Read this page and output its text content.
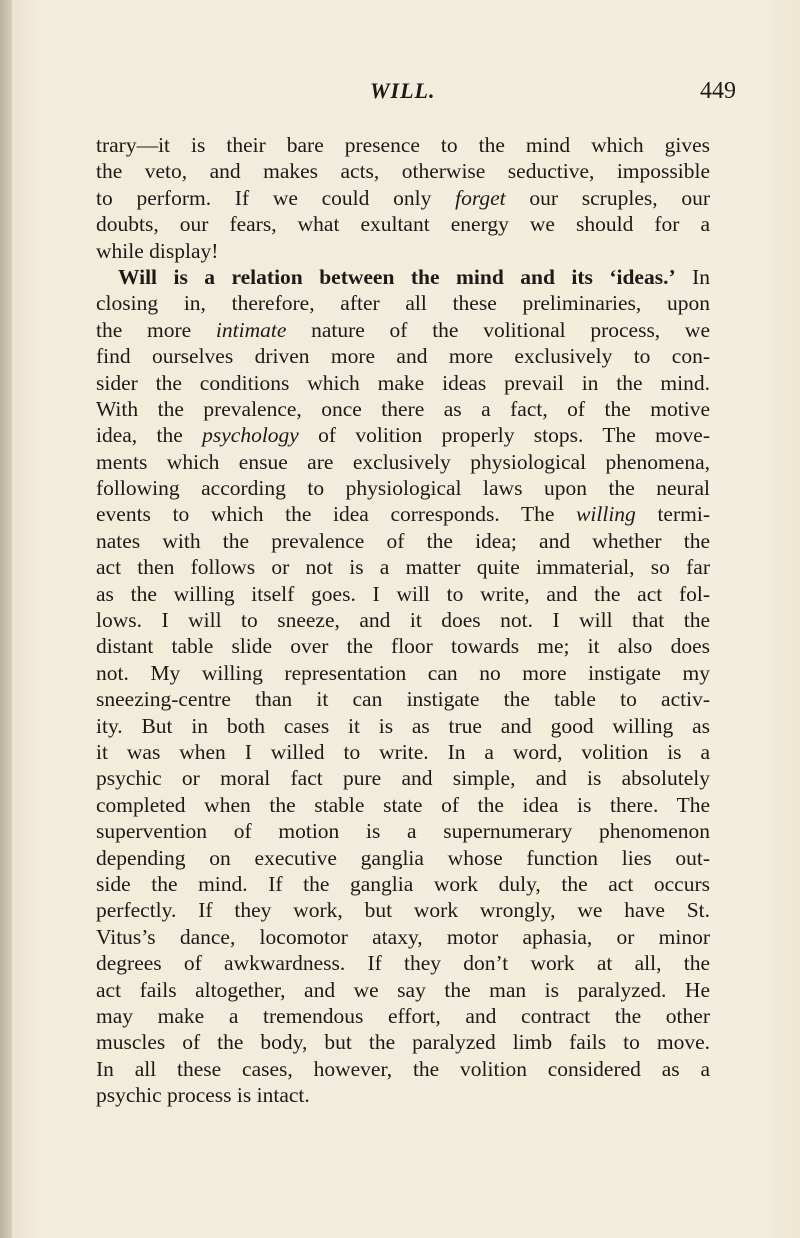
WILL.	449
trary—it is their bare presence to the mind which gives
the veto, and makes acts, otherwise seductive, impossible
to perform. If we could only forget our scruples, our
doubts, our fears, what exultant energy we should for a
while display!
Will is a relation between the mind and its ‘ideas.’ In
closing in, therefore, after all these preliminaries, upon
the more intimate nature of the volitional process, we
find ourselves driven more and more exclusively to con-
sider the conditions which make ideas prevail in the mind.
With the prevalence, once there as a fact, of the motive
idea, the psychology of volition properly stops. The move-
ments which ensue are exclusively physiological phenomena,
following according to physiological laws upon the neural
events to which the idea corresponds. The willing termi-
nates with the prevalence of the idea; and whether the
act then follows or not is a matter quite immaterial, so far
as the willing itself goes. I will to write, and the act fol-
lows. I will to sneeze, and it does not. I will that the
distant table slide over the floor towards me; it also does
not. My willing representation can no more instigate my
sneezing-centre than it can instigate the table to activ-
ity. But in both cases it is as true and good willing as
it was when I willed to write. In a word, volition is a
psychic or moral fact pure and simple, and is absolutely
completed when the stable state of the idea is there. The
supervention of motion is a supernumerary phenomenon
depending on executive ganglia whose function lies out-
side the mind. If the ganglia work duly, the act occurs
perfectly. If they work, but work wrongly, we have St.
Vitus’s dance, locomotor ataxy, motor aphasia, or minor
degrees of awkwardness. If they don’t work at all, the
act fails altogether, and we say the man is paralyzed. He
may make a tremendous effort, and contract the other
muscles of the body, but the paralyzed limb fails to move.
In all these cases, however, the volition considered as a
psychic process is intact.
